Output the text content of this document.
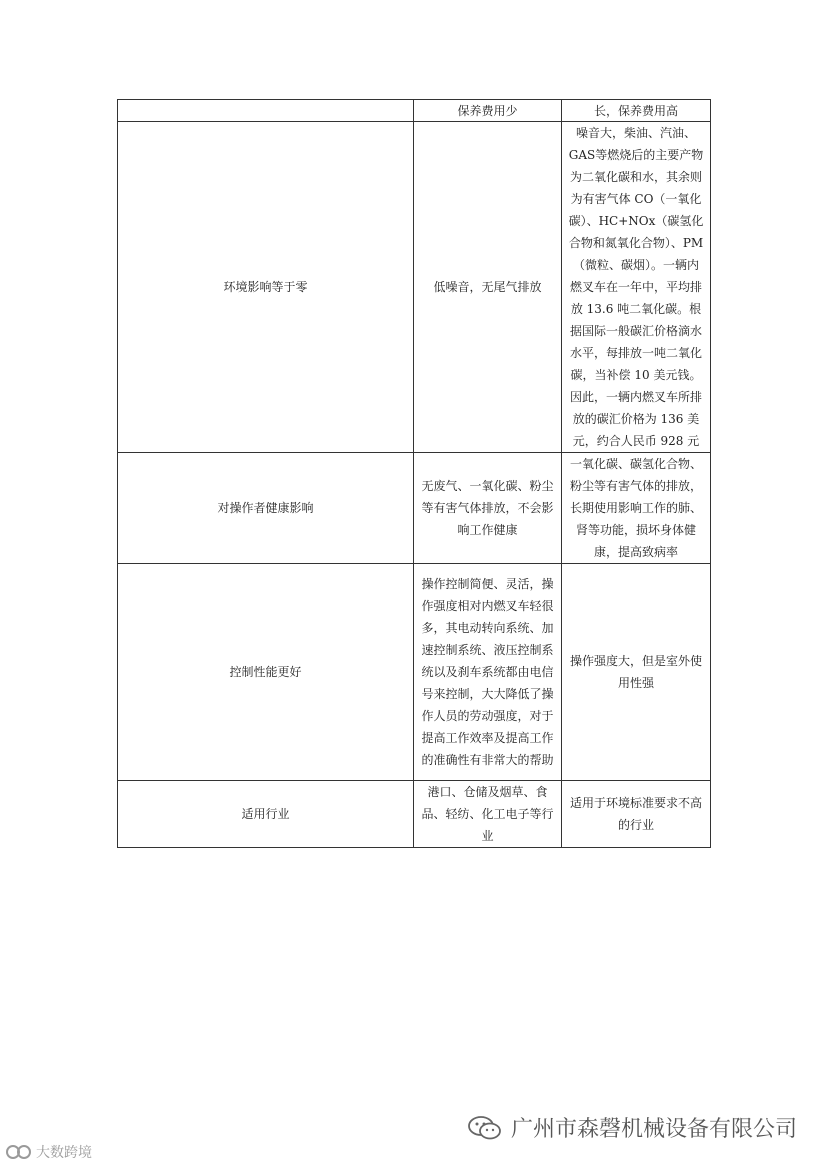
	保养费用少	长，保养费用高
环境影响等于零	低噪音，无尾气排放	噪音大，柴油、汽油、GAS等燃烧后的主要产物为二氧化碳和水，其余则为有害气体 CO（一氧化碳）、HC+NOx（碳氢化合物和氮氧化合物）、PM（微粒、碳烟）。一辆内燃叉车在一年中，平均排放 13.6 吨二氧化碳。根据国际一般碳汇价格滴水水平，每排放一吨二氧化碳，当补偿 10 美元钱。因此，一辆内燃叉车所排放的碳汇价格为 136 美元，约合人民币 928 元
对操作者健康影响	无废气、一氧化碳、粉尘等有害气体排放，不会影响工作健康	一氧化碳、碳氢化合物、粉尘等有害气体的排放，长期使用影响工作的肺、肾等功能，损坏身体健康，提高致病率
控制性能更好	操作控制简便、灵活，操作强度相对内燃叉车轻很多，其电动转向系统、加速控制系统、液压控制系统以及刹车系统都由电信号来控制，大大降低了操作人员的劳动强度，对于提高工作效率及提高工作的准确性有非常大的帮助	操作强度大，但是室外使用性强
适用行业	港口、仓储及烟草、食品、轻纺、化工电子等行业	适用于环境标准要求不高的行业
广州市森磬机械设备有限公司
大数跨境
